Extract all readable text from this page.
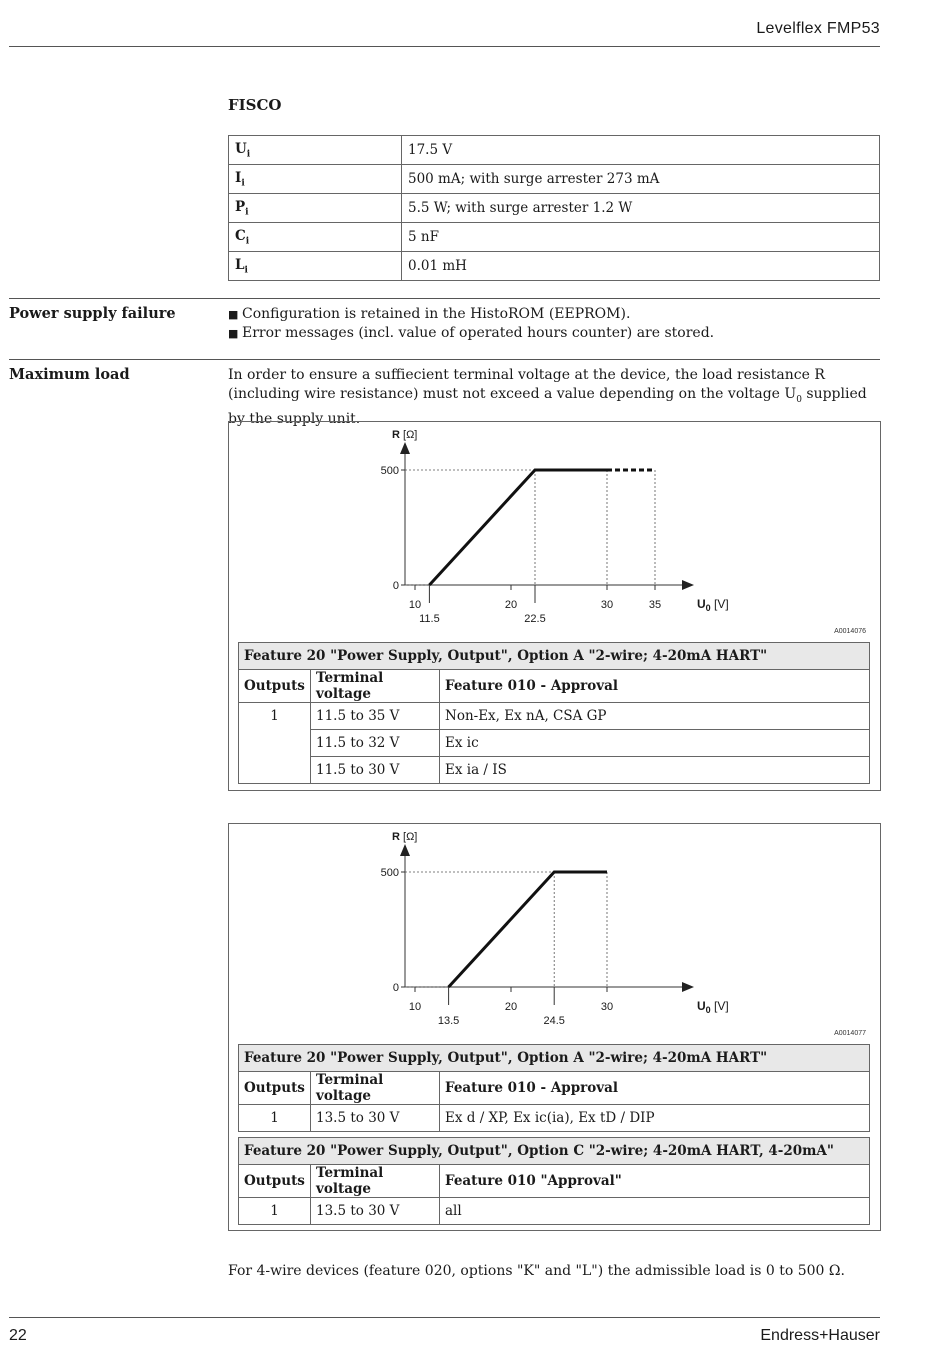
Levelflex FMP53
FISCO
$U_i$	17.5 V
$I_i$	500 mA; with surge arrester 273 mA
$P_i$	5.5 W; with surge arrester 1.2 W
$C_i$	5 nF
$L_i$	0.01 mH
Power supply failure	■ Configuration is retained in the HistoROM (EEPROM).
■ Error messages (incl. value of operated hours counter) are stored.
Maximum load	In order to ensure a suffiecient terminal voltage at the device, the load resistance R (including wire resistance) must not exceed a value depending on the voltage $U_0$ supplied by the supply unit.
R [Ω]
$U_0$ [V]
0
500
10	20	30	35
11.5	22.5
A0014076
Feature 20 "Power Supply, Output", Option A "2-wire; 4-20mA HART"		
Outputs	Terminal voltage	Feature 010 - Approval
1	11.5 to 35 V	Non-Ex, Ex nA, CSA GP
	11.5 to 32 V	Ex ic
	11.5 to 30 V	Ex ia / IS
R [Ω]
$U_0$ [V]
0
500
10	20	30
13.5	24.5
A0014077
Feature 20 "Power Supply, Output", Option A "2-wire; 4-20mA HART"		
Outputs	Terminal voltage	Feature 010 - Approval
1	13.5 to 30 V	Ex d / XP, Ex ic(ia), Ex tD / DIP
Feature 20 "Power Supply, Output", Option C "2-wire; 4-20mA HART, 4-20mA"		
Outputs	Terminal voltage	Feature 010 "Approval"
1	13.5 to 30 V	all
For 4-wire devices (feature 020, options "K" and "L") the admissible load is 0 to 500 Ω.
22	Endress+Hauser
